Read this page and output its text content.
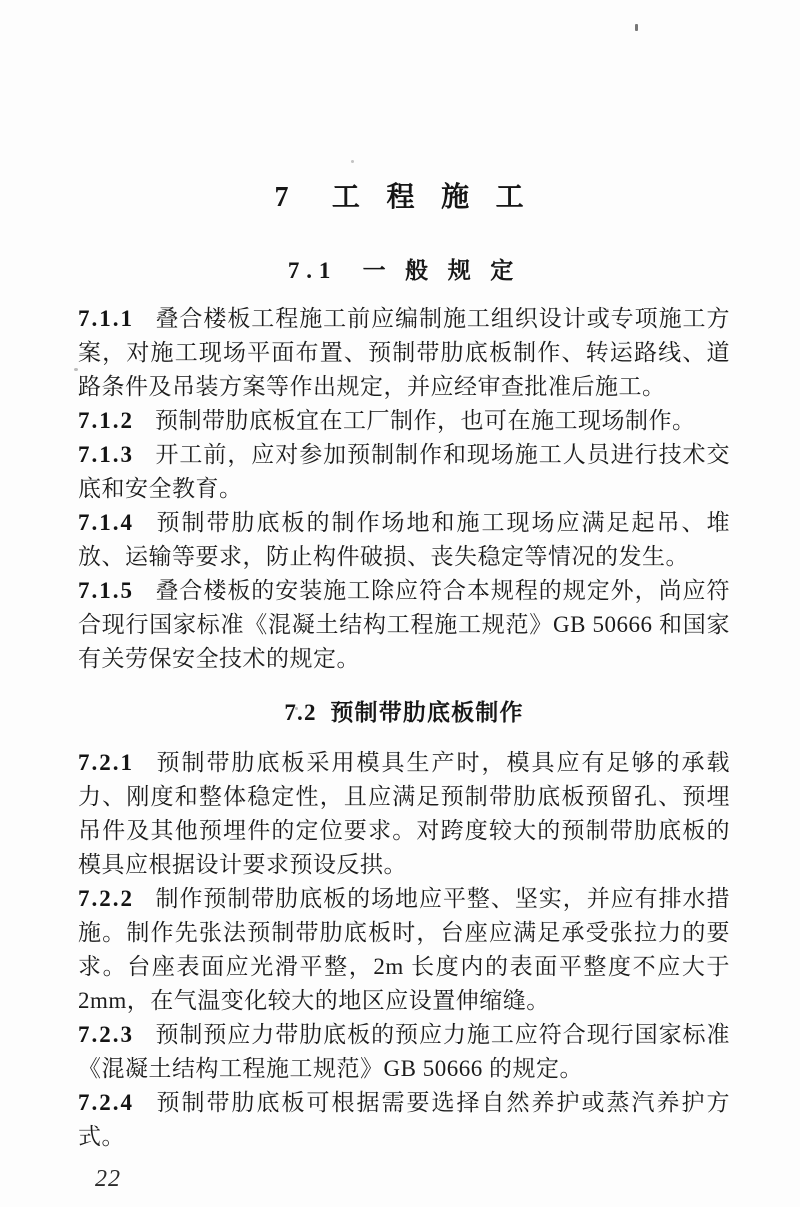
7  工 程 施 工
7.1  一 般 规 定

7.1.1 叠合楼板工程施工前应编制施工组织设计或专项施工方案，对施工现场平面布置、预制带肋底板制作、转运路线、道路条件及吊装方案等作出规定，并应经审查批准后施工。

7.1.2 预制带肋底板宜在工厂制作，也可在施工现场制作。

7.1.3 开工前，应对参加预制制作和现场施工人员进行技术交底和安全教育。

7.1.4 预制带肋底板的制作场地和施工现场应满足起吊、堆放、运输等要求，防止构件破损、丧失稳定等情况的发生。

7.1.5 叠合楼板的安装施工除应符合本规程的规定外，尚应符合现行国家标准《混凝土结构工程施工规范》GB 50666 和国家有关劳保安全技术的规定。

7.2  预制带肋底板制作

7.2.1 预制带肋底板采用模具生产时，模具应有足够的承载力、刚度和整体稳定性，且应满足预制带肋底板预留孔、预埋吊件及其他预埋件的定位要求。对跨度较大的预制带肋底板的模具应根据设计要求预设反拱。

7.2.2 制作预制带肋底板的场地应平整、坚实，并应有排水措施。制作先张法预制带肋底板时，台座应满足承受张拉力的要求。台座表面应光滑平整，2m 长度内的表面平整度不应大于 2mm，在气温变化较大的地区应设置伸缩缝。

7.2.3 预制预应力带肋底板的预应力施工应符合现行国家标准《混凝土结构工程施工规范》GB 50666 的规定。

7.2.4 预制带肋底板可根据需要选择自然养护或蒸汽养护方式。

22
